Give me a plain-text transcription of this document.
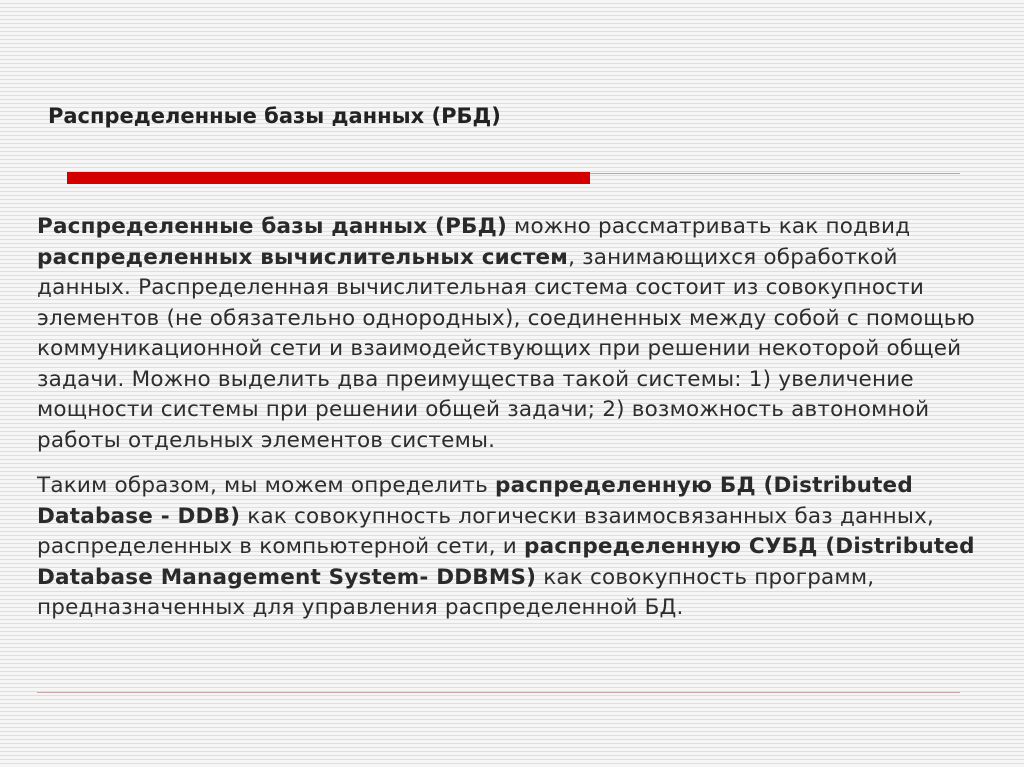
Распределенные базы данных (РБД)

Распределенные базы данных (РБД) можно рассматривать как подвид распределенных вычислительных систем, занимающихся обработкой данных. Распределенная вычислительная система состоит из совокупности элементов (не обязательно однородных), соединенных между собой с помощью коммуникационной сети и взаимодействующих при решении некоторой общей задачи. Можно выделить два преимущества такой системы: 1) увеличение мощности системы при решении общей задачи; 2) возможность автономной работы отдельных элементов системы.

Таким образом, мы можем определить распределенную БД (Distributed Database - DDB) как совокупность логически взаимосвязанных баз данных, распределенных в компьютерной сети, и распределенную СУБД (Distributed Database Management System- DDBMS) как совокупность программ, предназначенных для управления распределенной БД.
